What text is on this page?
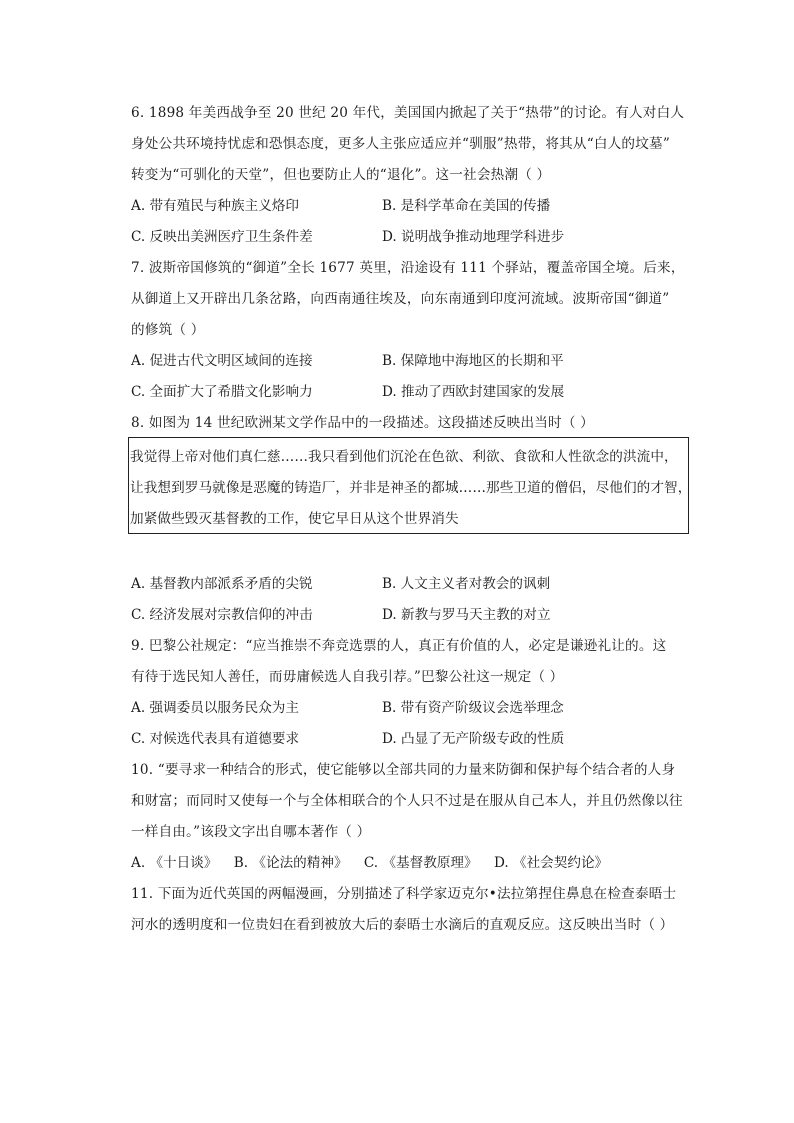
6. 1898 年美西战争至 20 世纪 20 年代，美国国内掀起了关于“热带”的讨论。有人对白人
身处公共环境持忧虑和恐惧态度，更多人主张应适应并“驯服”热带，将其从“白人的坟墓”
转变为“可驯化的天堂”，但也要防止人的“退化”。这一社会热潮（ ）
A. 带有殖民与种族主义烙印	B. 是科学革命在美国的传播
C. 反映出美洲医疗卫生条件差	D. 说明战争推动地理学科进步
7. 波斯帝国修筑的“御道”全长 1677 英里，沿途设有 111 个驿站，覆盖帝国全境。后来，
从御道上又开辟出几条岔路，向西南通往埃及，向东南通到印度河流域。波斯帝国“御道”
的修筑（ ）
A. 促进古代文明区域间的连接	B. 保障地中海地区的长期和平
C. 全面扩大了希腊文化影响力	D. 推动了西欧封建国家的发展
8. 如图为 14 世纪欧洲某文学作品中的一段描述。这段描述反映出当时（ ）
我觉得上帝对他们真仁慈……我只看到他们沉沦在色欲、利欲、食欲和人性欲念的洪流中，
让我想到罗马就像是恶魔的铸造厂，并非是神圣的都城……那些卫道的僧侣，尽他们的才智，
加紧做些毁灭基督教的工作，使它早日从这个世界消失
A. 基督教内部派系矛盾的尖锐	B. 人文主义者对教会的讽刺
C. 经济发展对宗教信仰的冲击	D. 新教与罗马天主教的对立
9. 巴黎公社规定：“应当推崇不奔竞选票的人，真正有价值的人，必定是谦逊礼让的。这
有待于选民知人善任，而毋庸候选人自我引荐。”巴黎公社这一规定（ ）
A. 强调委员以服务民众为主	B. 带有资产阶级议会选举理念
C. 对候选代表具有道德要求	D. 凸显了无产阶级专政的性质
10. “要寻求一种结合的形式，使它能够以全部共同的力量来防御和保护每个结合者的人身
和财富；而同时又使每一个与全体相联合的个人只不过是在服从自己本人，并且仍然像以往
一样自由。”该段文字出自哪本著作（ ）
A. 《十日谈》 B. 《论法的精神》 C. 《基督教原理》 D. 《社会契约论》
11. 下面为近代英国的两幅漫画，分别描述了科学家迈克尔•法拉第捏住鼻息在检查泰晤士
河水的透明度和一位贵妇在看到被放大后的泰晤士水滴后的直观反应。这反映出当时（ ）
